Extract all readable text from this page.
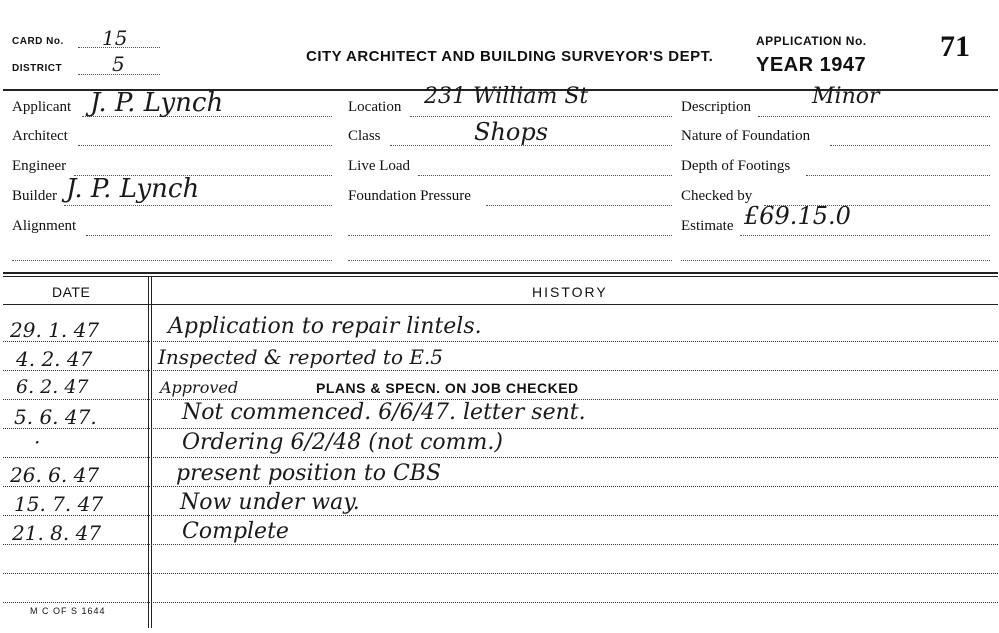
CARD No. 15
DISTRICT 5	CITY ARCHITECT AND BUILDING SURVEYOR'S DEPT.
APPLICATION No. 71
YEAR 1947
Applicant J. P. Lynch
Architect
Engineer
Builder J. P. Lynch
Alignment
Location 231 William St
Class	Shops
Live Load
Foundation Pressure
Description	Minor
Nature of Foundation
Depth of Footings
Checked by
Estimate £69.15.0
DATE	HISTORY
29. 1. 47	Application to repair lintels.
4. 2. 47	Inspected & reported to E.5
6. 2. 47	Approved	PLANS & SPECN. ON JOB CHECKED
5. 6. 47.	Not commenced. 6/6/47. letter sent.
·	Ordering 6/2/48 (not comm.)
26. 6. 47	present position to CBS
15. 7. 47	Now under way.
21. 8. 47	Complete
M C OF S 1644
